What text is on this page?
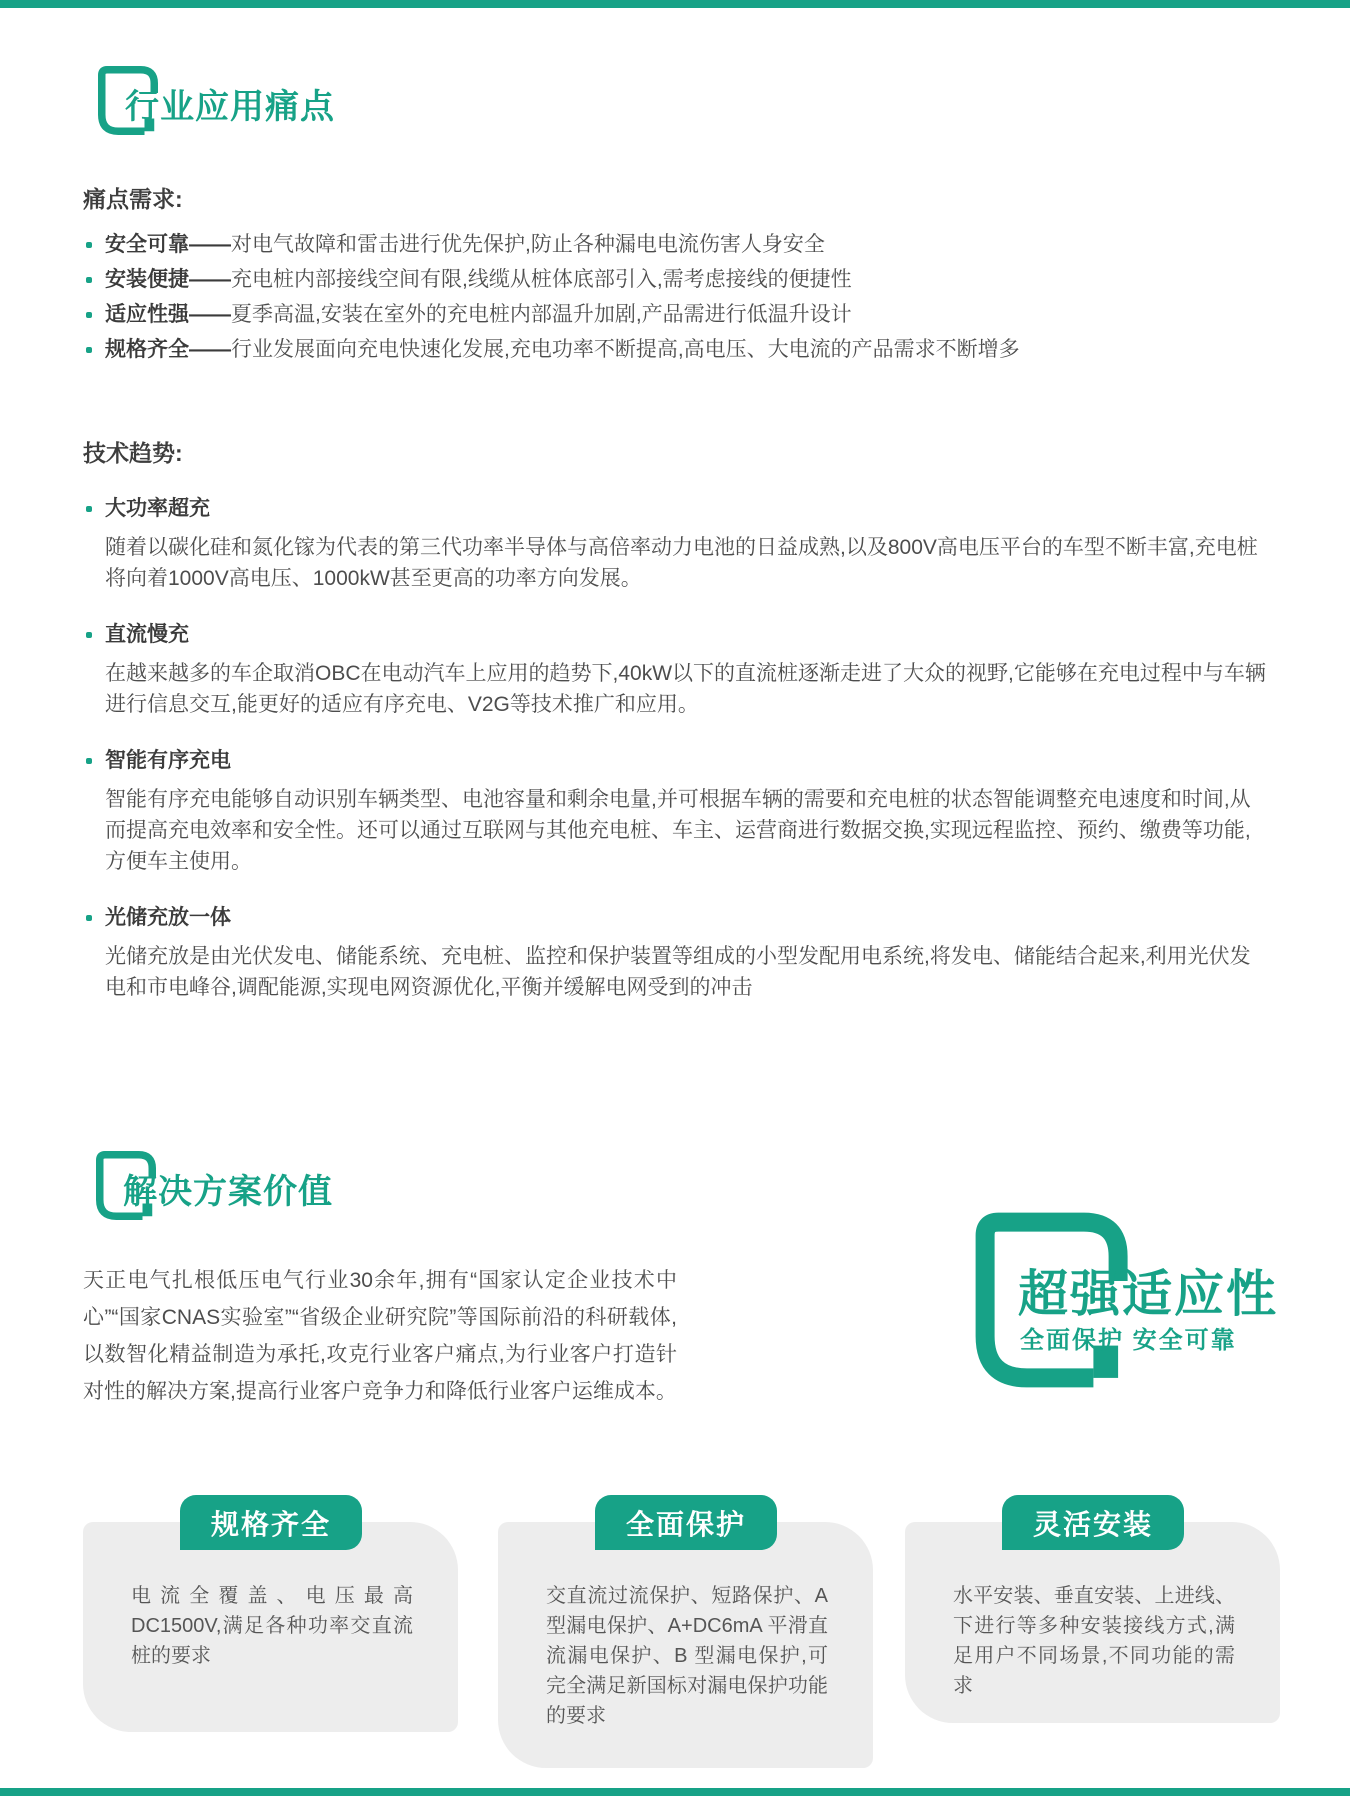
行业应用痛点
痛点需求:
安全可靠——对电气故障和雷击进行优先保护,防止各种漏电电流伤害人身安全
安装便捷——充电桩内部接线空间有限,线缆从桩体底部引入,需考虑接线的便捷性
适应性强——夏季高温,安装在室外的充电桩内部温升加剧,产品需进行低温升设计
规格齐全——行业发展面向充电快速化发展,充电功率不断提高,高电压、大电流的产品需求不断增多
技术趋势:
大功率超充

随着以碳化硅和氮化镓为代表的第三代功率半导体与高倍率动力电池的日益成熟,以及800V高电压平台的车型不断丰富,充电桩将向着1000V高电压、1000kW甚至更高的功率方向发展。

直流慢充

在越来越多的车企取消OBC在电动汽车上应用的趋势下,40kW以下的直流桩逐渐走进了大众的视野,它能够在充电过程中与车辆进行信息交互,能更好的适应有序充电、V2G等技术推广和应用。

智能有序充电

智能有序充电能够自动识别车辆类型、电池容量和剩余电量,并可根据车辆的需要和充电桩的状态智能调整充电速度和时间,从而提高充电效率和安全性。还可以通过互联网与其他充电桩、车主、运营商进行数据交换,实现远程监控、预约、缴费等功能,方便车主使用。

光储充放一体

光储充放是由光伏发电、储能系统、充电桩、监控和保护装置等组成的小型发配用电系统,将发电、储能结合起来,利用光伏发电和市电峰谷,调配能源,实现电网资源优化,平衡并缓解电网受到的冲击

解决方案价值

天正电气扎根低压电气行业30余年,拥有“国家认定企业技术中心”“国家CNAS实验室”“省级企业研究院”等国际前沿的科研载体,以数智化精益制造为承托,攻克行业客户痛点,为行业客户打造针对性的解决方案,提高行业客户竞争力和降低行业客户运维成本。

超强适应性
全面保护 安全可靠
规格齐全
电流全覆盖、电压最高 DC1500V,满足各种功率交直流桩的要求
全面保护
交直流过流保护、短路保护、A 型漏电保护、A+DC6mA 平滑直流漏电保护、B 型漏电保护,可完全满足新国标对漏电保护功能的要求
灵活安装
水平安装、垂直安装、上进线、下进行等多种安装接线方式,满足用户不同场景,不同功能的需求
